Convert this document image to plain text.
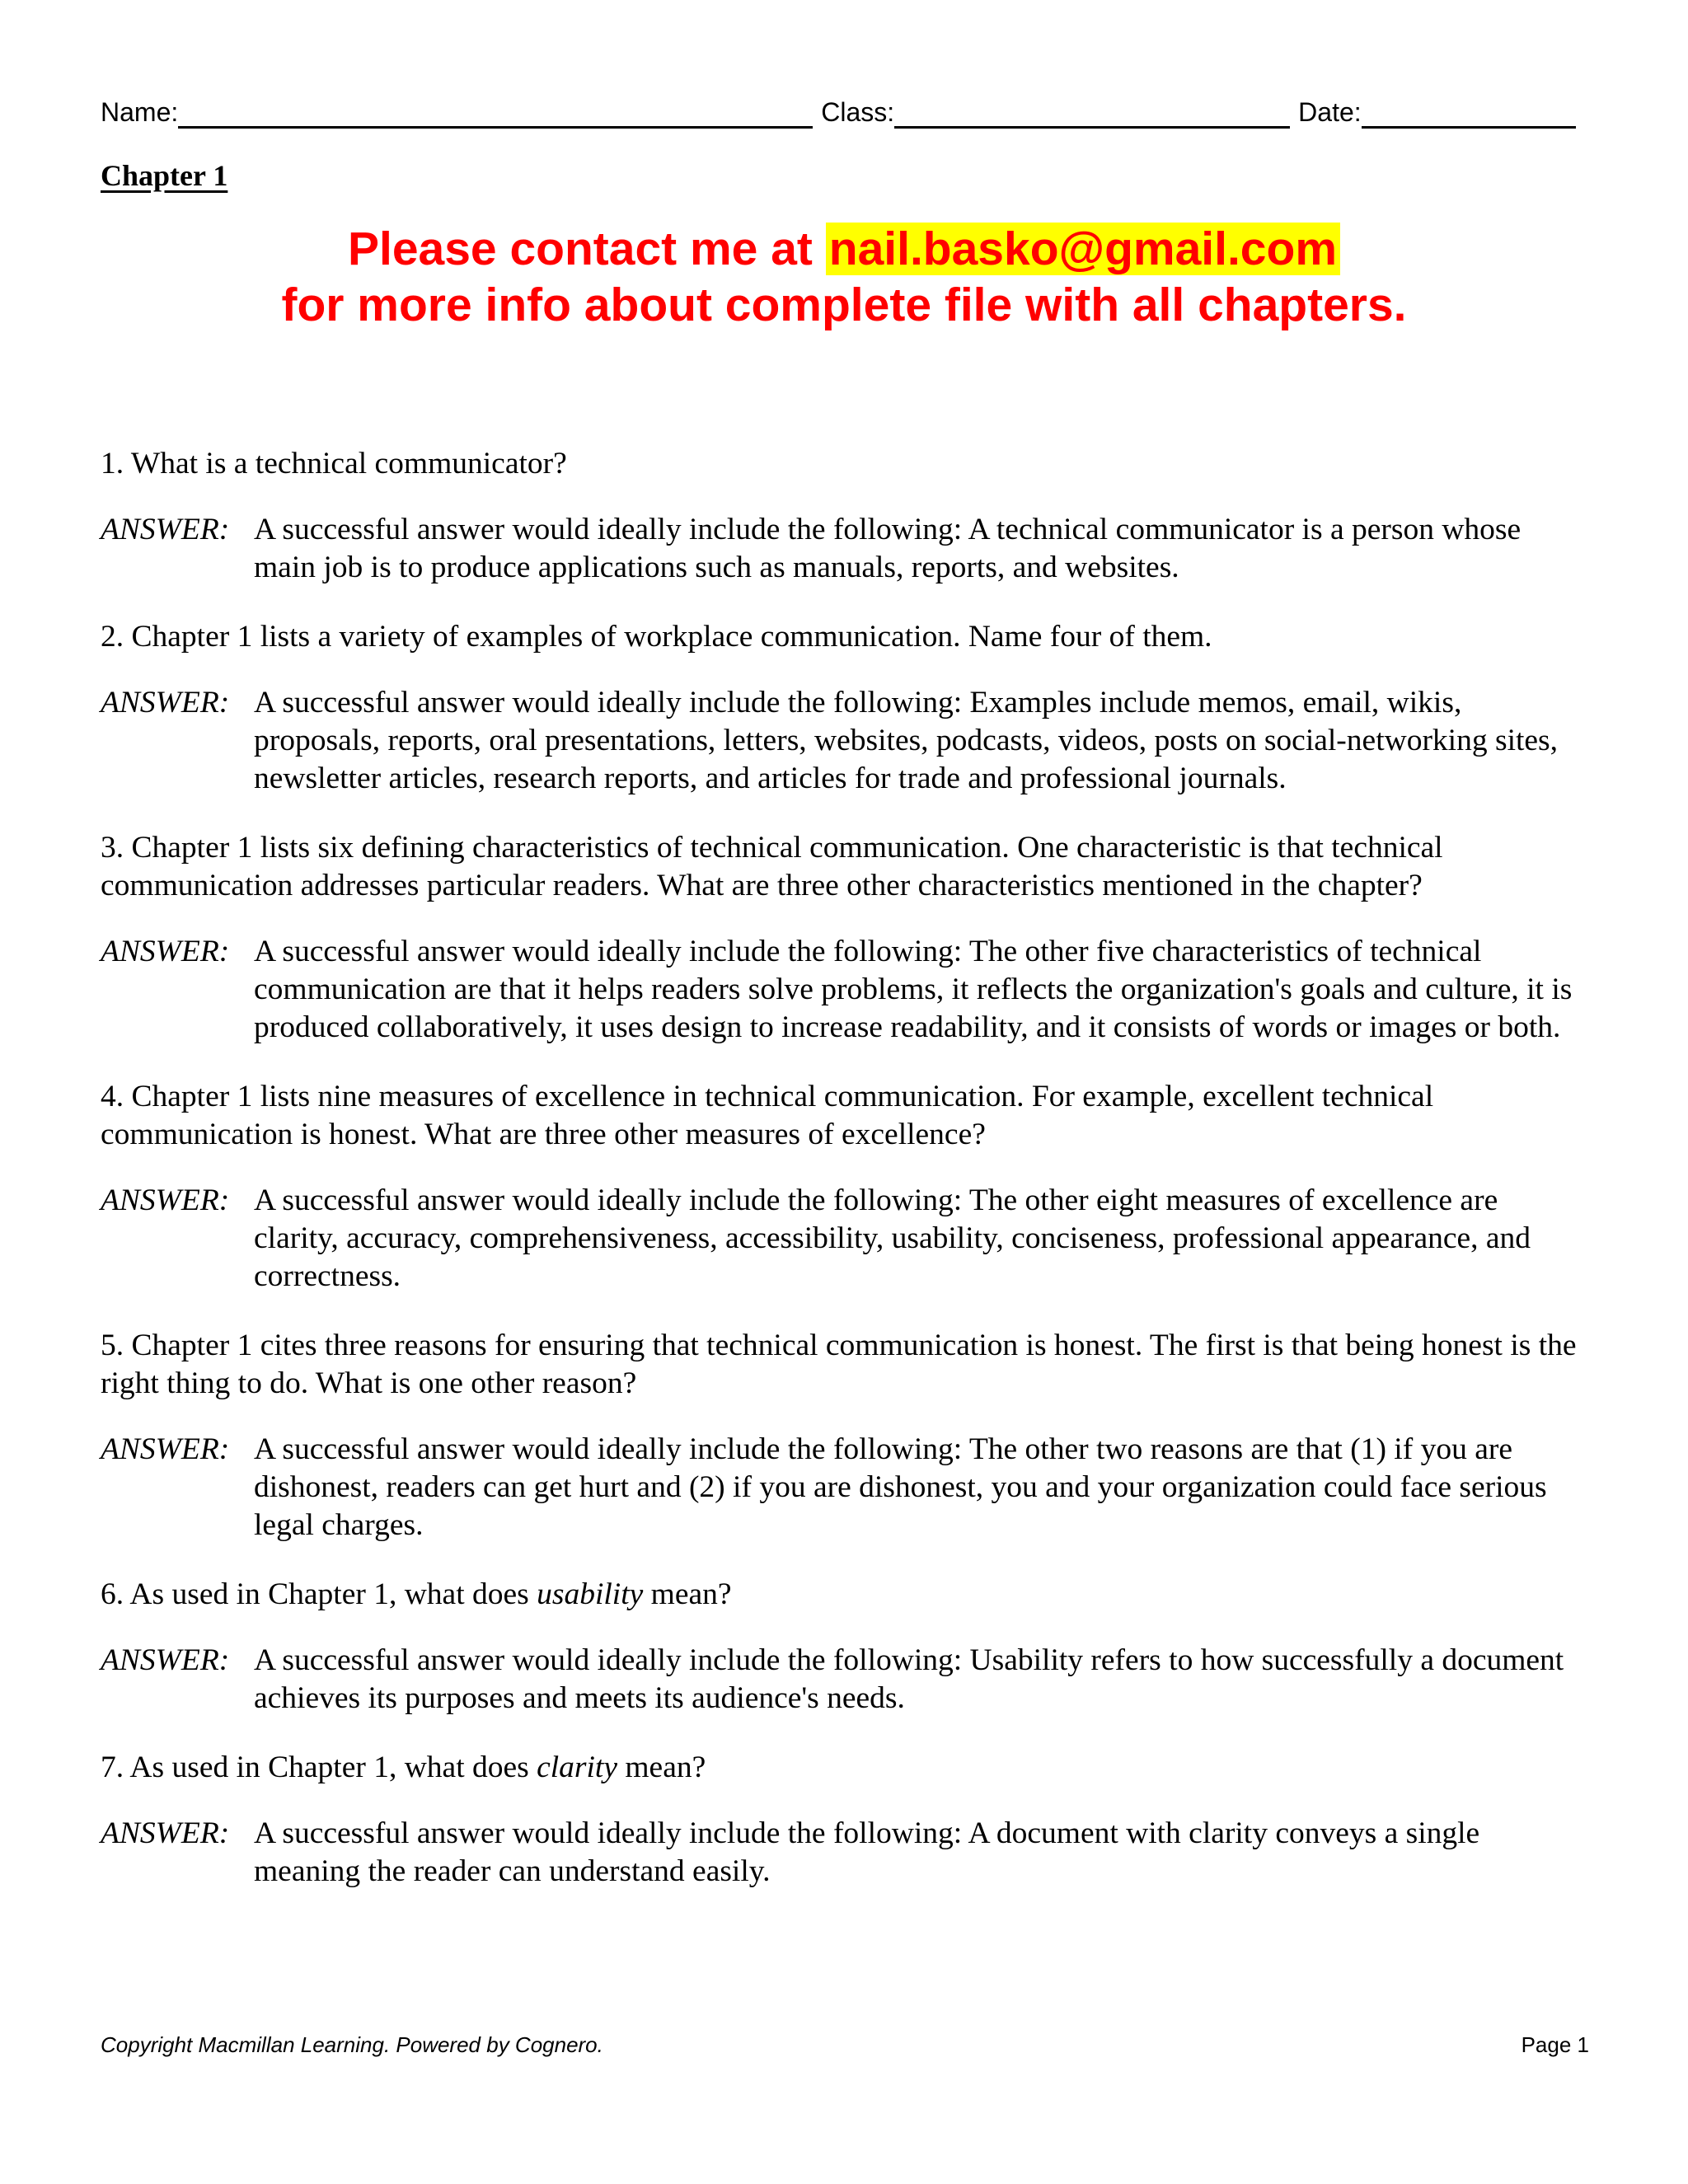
Name:	Class:	Date:
Chapter 1
Please contact me at nail.basko@gmail.com
for more info about complete file with all chapters.

1. What is a technical communicator?

ANSWER: A successful answer would ideally include the following: A technical communicator is a person whose main job is to produce applications such as manuals, reports, and websites.

2. Chapter 1 lists a variety of examples of workplace communication. Name four of them.

ANSWER: A successful answer would ideally include the following: Examples include memos, email, wikis, proposals, reports, oral presentations, letters, websites, podcasts, videos, posts on social-networking sites, newsletter articles, research reports, and articles for trade and professional journals.

3. Chapter 1 lists six defining characteristics of technical communication. One characteristic is that technical communication addresses particular readers. What are three other characteristics mentioned in the chapter?

ANSWER: A successful answer would ideally include the following: The other five characteristics of technical communication are that it helps readers solve problems, it reflects the organization's goals and culture, it is produced collaboratively, it uses design to increase readability, and it consists of words or images or both.

4. Chapter 1 lists nine measures of excellence in technical communication. For example, excellent technical communication is honest. What are three other measures of excellence?

ANSWER: A successful answer would ideally include the following: The other eight measures of excellence are clarity, accuracy, comprehensiveness, accessibility, usability, conciseness, professional appearance, and correctness.

5. Chapter 1 cites three reasons for ensuring that technical communication is honest. The first is that being honest is the right thing to do. What is one other reason?

ANSWER: A successful answer would ideally include the following: The other two reasons are that (1) if you are dishonest, readers can get hurt and (2) if you are dishonest, you and your organization could face serious legal charges.

6. As used in Chapter 1, what does usability mean?

ANSWER: A successful answer would ideally include the following: Usability refers to how successfully a document achieves its purposes and meets its audience's needs.

7. As used in Chapter 1, what does clarity mean?

ANSWER: A successful answer would ideally include the following: A document with clarity conveys a single meaning the reader can understand easily.
Copyright Macmillan Learning. Powered by Cognero.	Page 1
